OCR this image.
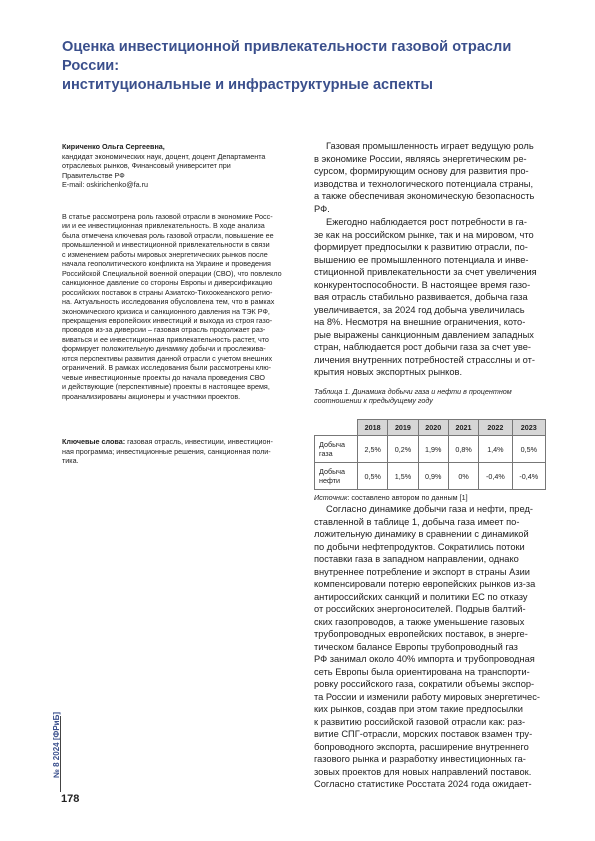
Оценка инвестиционной привлекательности газовой отрасли России:
институциональные и инфраструктурные аспекты
Кириченко Ольга Сергеевна,
кандидат экономических наук, доцент, доцент Департамента
отраслевых рынков, Финансовый университет при
Правительстве РФ
E-mail: oskirichenko@fa.ru
В статье рассмотрена роль газовой отрасли в экономике Росс-
ии и ее инвестиционная привлекательность. В ходе анализа
была отмечена ключевая роль газовой отрасли, повышение ее
промышленной и инвестиционной привлекательности в связи
с изменением работы мировых энергетических рынков после
начала геополитического конфликта на Украине и проведения
Российской Специальной военной операции (СВО), что повлекло
санкционное давление со стороны Европы и диверсификацию
российских поставок в страны Азиатско-Тихоокеанского регио-
на. Актуальность исследования обусловлена тем, что в рамках
экономического кризиса и санкционного давления на ТЭК РФ,
прекращения европейских инвестиций и выхода из строя газо-
проводов из-за диверсии – газовая отрасль продолжает раз-
виваться и ее инвестиционная привлекательность растет, что
формирует положительную динамику добычи и прослежива-
ются перспективы развития данной отрасли с учетом внешних
ограничений. В рамках исследования были рассмотрены клю-
чевые инвестиционные проекты до начала проведения СВО
и действующие (перспективные) проекты в настоящее время,
проанализированы акционеры и участники проектов.
Ключевые слова: газовая отрасль, инвестиции, инвестицион-
ная программа; инвестиционные решения, санкционная поли-
тика.
Газовая промышленность играет ведущую роль
в экономике России, являясь энергетическим ре-
сурсом, формирующим основу для развития про-
изводства и технологического потенциала страны,
а также обеспечивая экономическую безопасность
РФ.
Ежегодно наблюдается рост потребности в га-
зе как на российском рынке, так и на мировом, что
формирует предпосылки к развитию отрасли, по-
вышению ее промышленного потенциала и инве-
стиционной привлекательности за счет увеличения
конкурентоспособности. В настоящее время газо-
вая отрасль стабильно развивается, добыча газа
увеличивается, за 2024 год добыча увеличилась
на 8%. Несмотря на внешние ограничения, кото-
рые выражены санкционным давлением западных
стран, наблюдается рост добычи газа за счет уве-
личения внутренних потребностей страсслны и от-
крытия новых экспортных рынков.
Таблица 1. Динамика добычи газа и нефти в процентном
соотношении к предыдущему году
	2018	2019	2020	2021	2022	2023

Добыча
газа	2,5%	0,2%	1,9%	0,8%	1,4%	0,5%

Добыча
нефти	0,5%	1,5%	0,9%	0%	-0,4%	-0,4%
Источник: составлено автором по данным [1]
Согласно динамике добычи газа и нефти, пред-
ставленной в таблице 1, добыча газа имеет по-
ложительную динамику в сравнении с динамикой
по добычи нефтепродуктов. Сократились потоки
поставки газа в западном направлении, однако
внутреннее потребление и экспорт в страны Азии
компенсировали потерю европейских рынков из-за
антироссийских санкций и политики ЕС по отказу
от российских энергоносителей. Подрыв балтий-
ских газопроводов, а также уменьшение газовых
трубопроводных европейских поставок, в энерге-
тическом балансе Европы трубопроводный газ
РФ занимал около 40% импорта и трубопроводная
сеть Европы была ориентирована на транспорти-
ровку российского газа, сократили объемы экспор-
та России и изменили работу мировых энергетичес-
ких рынков, создав при этом такие предпосылки
к развитию российской газовой отрасли как: раз-
витие СПГ-отрасли, морских поставок взамен тру-
бопроводного экспорта, расширение внутреннего
газового рынка и разработку инвестиционных га-
зовых проектов для новых направлений поставок.
Согласно статистике Росстата 2024 года ожидает-
№ 8 2024 [ФРиБ]
178
